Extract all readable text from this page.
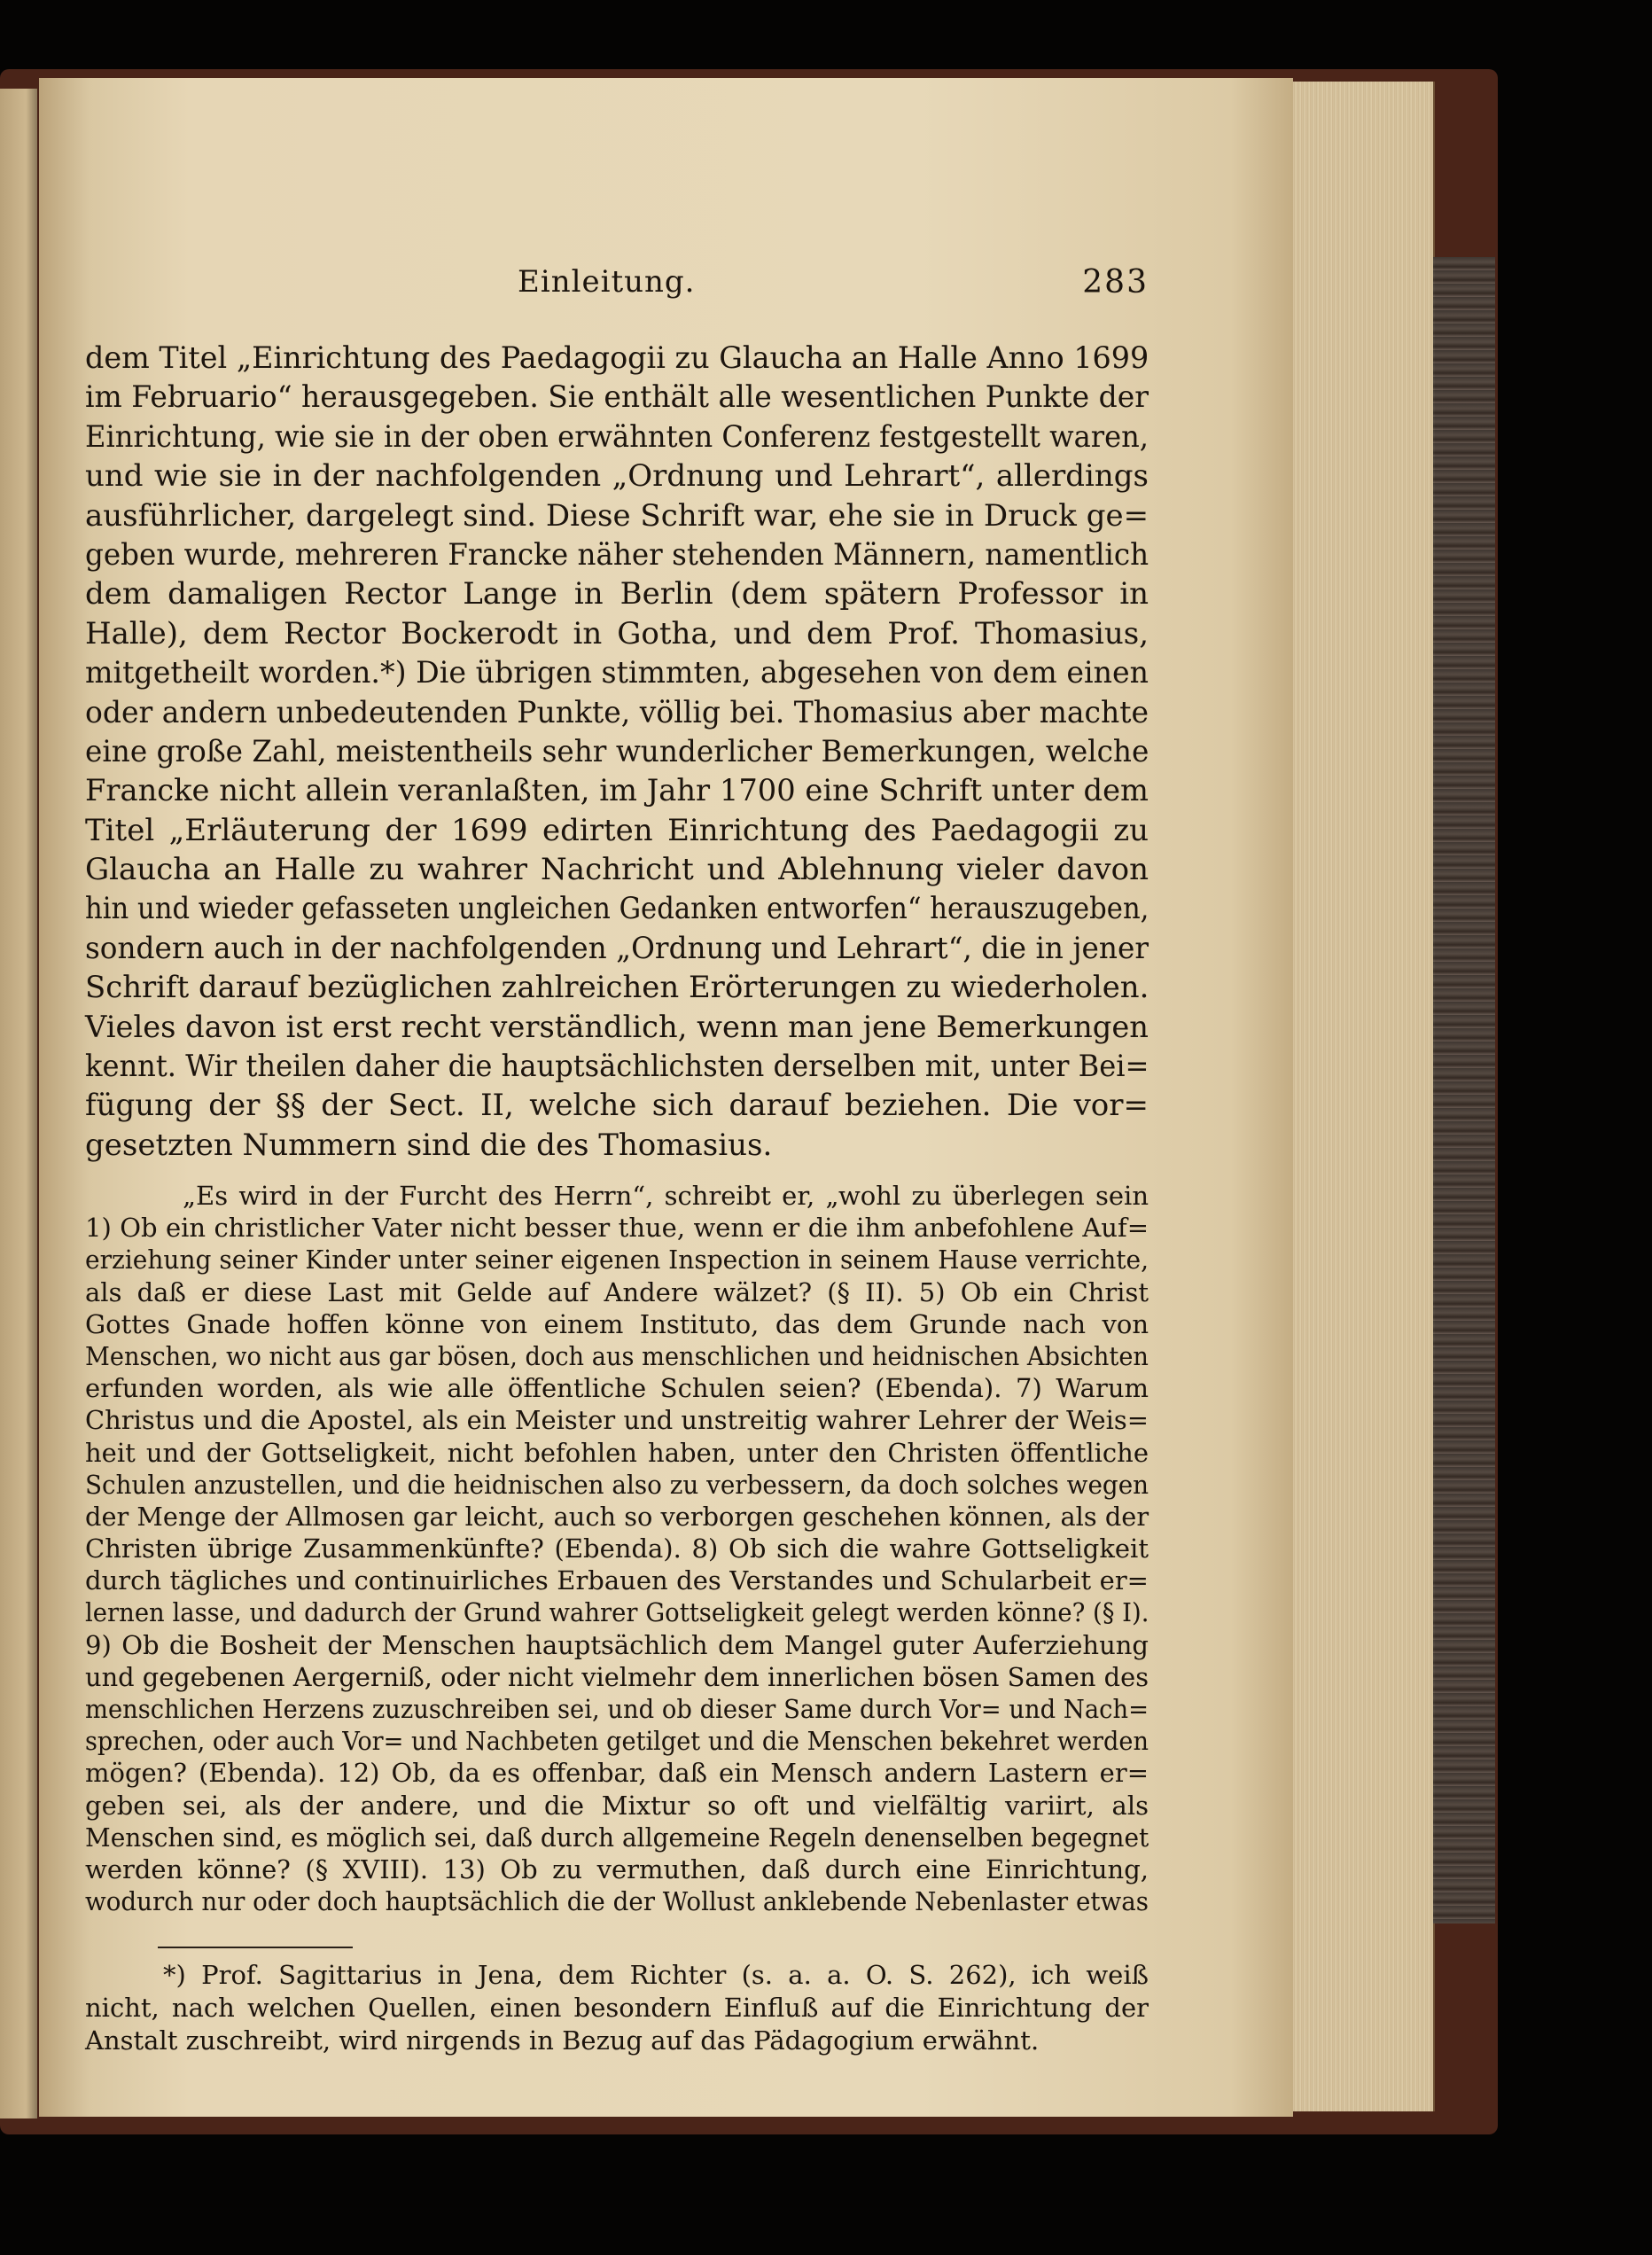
Einleitung.	283
dem Titel „Einrichtung des Paedagogii zu Glaucha an Halle Anno 1699
im Februario“ herausgegeben. Sie enthält alle wesentlichen Punkte der
Einrichtung, wie sie in der oben erwähnten Conferenz festgestellt waren,
und wie sie in der nachfolgenden „Ordnung und Lehrart“, allerdings
ausführlicher, dargelegt sind. Diese Schrift war, ehe sie in Druck ge=
geben wurde, mehreren Francke näher stehenden Männern, namentlich
dem damaligen Rector Lange in Berlin (dem spätern Professor in
Halle), dem Rector Bockerodt in Gotha, und dem Prof. Thomasius,
mitgetheilt worden.*) Die übrigen stimmten, abgesehen von dem einen
oder andern unbedeutenden Punkte, völlig bei. Thomasius aber machte
eine große Zahl, meistentheils sehr wunderlicher Bemerkungen, welche
Francke nicht allein veranlaßten, im Jahr 1700 eine Schrift unter dem
Titel „Erläuterung der 1699 edirten Einrichtung des Paedagogii zu
Glaucha an Halle zu wahrer Nachricht und Ablehnung vieler davon
hin und wieder gefasseten ungleichen Gedanken entworfen“ herauszugeben,
sondern auch in der nachfolgenden „Ordnung und Lehrart“, die in jener
Schrift darauf bezüglichen zahlreichen Erörterungen zu wiederholen.
Vieles davon ist erst recht verständlich, wenn man jene Bemerkungen
kennt. Wir theilen daher die hauptsächlichsten derselben mit, unter Bei=
fügung der §§ der Sect. II, welche sich darauf beziehen. Die vor=
gesetzten Nummern sind die des Thomasius.
„Es wird in der Furcht des Herrn“, schreibt er, „wohl zu überlegen sein
1) Ob ein christlicher Vater nicht besser thue, wenn er die ihm anbefohlene Auf=
erziehung seiner Kinder unter seiner eigenen Inspection in seinem Hause verrichte,
als daß er diese Last mit Gelde auf Andere wälzet? (§ II). 5) Ob ein Christ
Gottes Gnade hoffen könne von einem Instituto, das dem Grunde nach von
Menschen, wo nicht aus gar bösen, doch aus menschlichen und heidnischen Absichten
erfunden worden, als wie alle öffentliche Schulen seien? (Ebenda). 7) Warum
Christus und die Apostel, als ein Meister und unstreitig wahrer Lehrer der Weis=
heit und der Gottseligkeit, nicht befohlen haben, unter den Christen öffentliche
Schulen anzustellen, und die heidnischen also zu verbessern, da doch solches wegen
der Menge der Allmosen gar leicht, auch so verborgen geschehen können, als der
Christen übrige Zusammenkünfte? (Ebenda). 8) Ob sich die wahre Gottseligkeit
durch tägliches und continuirliches Erbauen des Verstandes und Schularbeit er=
lernen lasse, und dadurch der Grund wahrer Gottseligkeit gelegt werden könne? (§ I).
9) Ob die Bosheit der Menschen hauptsächlich dem Mangel guter Auferziehung
und gegebenen Aergerniß, oder nicht vielmehr dem innerlichen bösen Samen des
menschlichen Herzens zuzuschreiben sei, und ob dieser Same durch Vor= und Nach=
sprechen, oder auch Vor= und Nachbeten getilget und die Menschen bekehret werden
mögen? (Ebenda). 12) Ob, da es offenbar, daß ein Mensch andern Lastern er=
geben sei, als der andere, und die Mixtur so oft und vielfältig variirt, als
Menschen sind, es möglich sei, daß durch allgemeine Regeln denenselben begegnet
werden könne? (§ XVIII). 13) Ob zu vermuthen, daß durch eine Einrichtung,
wodurch nur oder doch hauptsächlich die der Wollust anklebende Nebenlaster etwas
*) Prof. Sagittarius in Jena, dem Richter (s. a. a. O. S. 262), ich weiß
nicht, nach welchen Quellen, einen besondern Einfluß auf die Einrichtung der
Anstalt zuschreibt, wird nirgends in Bezug auf das Pädagogium erwähnt.
